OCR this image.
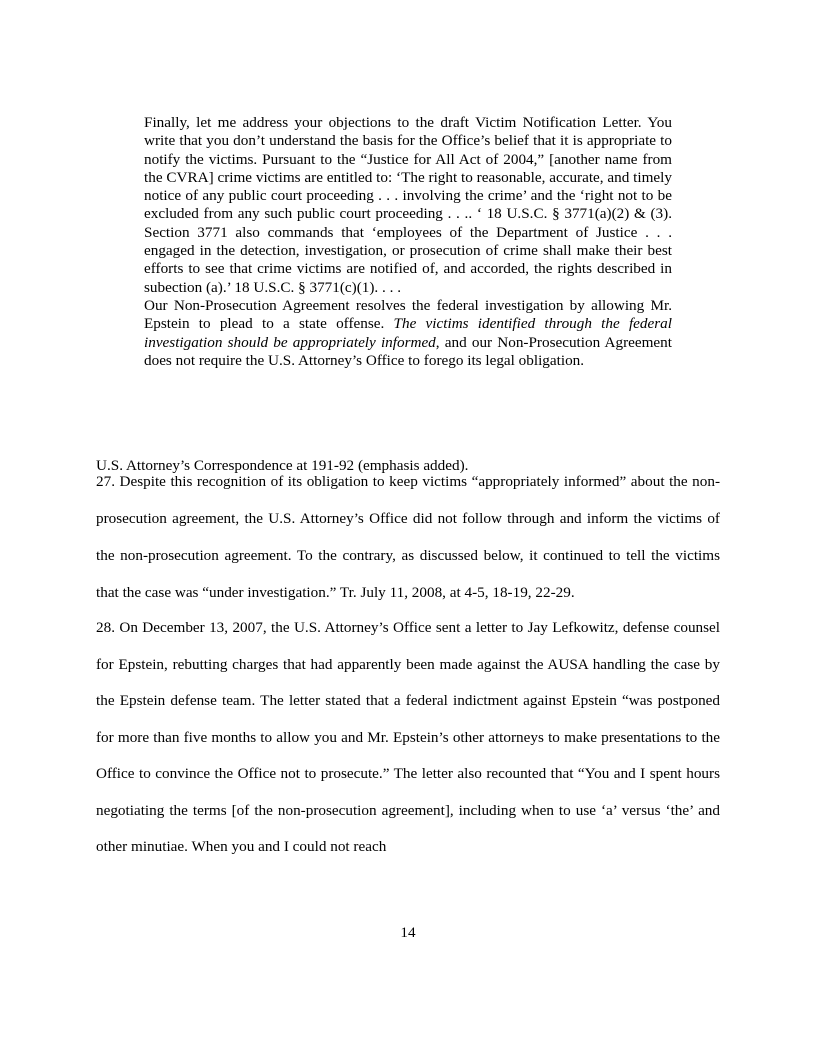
Finally, let me address your objections to the draft Victim Notification Letter. You write that you don’t understand the basis for the Office’s belief that it is appropriate to notify the victims. Pursuant to the “Justice for All Act of 2004,” [another name from the CVRA] crime victims are entitled to: ‘The right to reasonable, accurate, and timely notice of any public court proceeding . . . involving the crime’ and the ‘right not to be excluded from any such public court proceeding . . .. ‘ 18 U.S.C. § 3771(a)(2) & (3). Section 3771 also commands that ‘employees of the Department of Justice . . . engaged in the detection, investigation, or prosecution of crime shall make their best efforts to see that crime victims are notified of, and accorded, the rights described in subection (a).’ 18 U.S.C. § 3771(c)(1). . . .

Our Non-Prosecution Agreement resolves the federal investigation by allowing Mr. Epstein to plead to a state offense. The victims identified through the federal investigation should be appropriately informed, and our Non-Prosecution Agreement does not require the U.S. Attorney’s Office to forego its legal obligation.

U.S. Attorney’s Correspondence at 191-92 (emphasis added).

27. Despite this recognition of its obligation to keep victims “appropriately informed” about the non-prosecution agreement, the U.S. Attorney’s Office did not follow through and inform the victims of the non-prosecution agreement. To the contrary, as discussed below, it continued to tell the victims that the case was “under investigation.” Tr. July 11, 2008, at 4-5, 18-19, 22-29.

28. On December 13, 2007, the U.S. Attorney’s Office sent a letter to Jay Lefkowitz, defense counsel for Epstein, rebutting charges that had apparently been made against the AUSA handling the case by the Epstein defense team. The letter stated that a federal indictment against Epstein “was postponed for more than five months to allow you and Mr. Epstein’s other attorneys to make presentations to the Office to convince the Office not to prosecute.” The letter also recounted that “You and I spent hours negotiating the terms [of the non-prosecution agreement], including when to use ‘a’ versus ‘the’ and other minutiae. When you and I could not reach

14
